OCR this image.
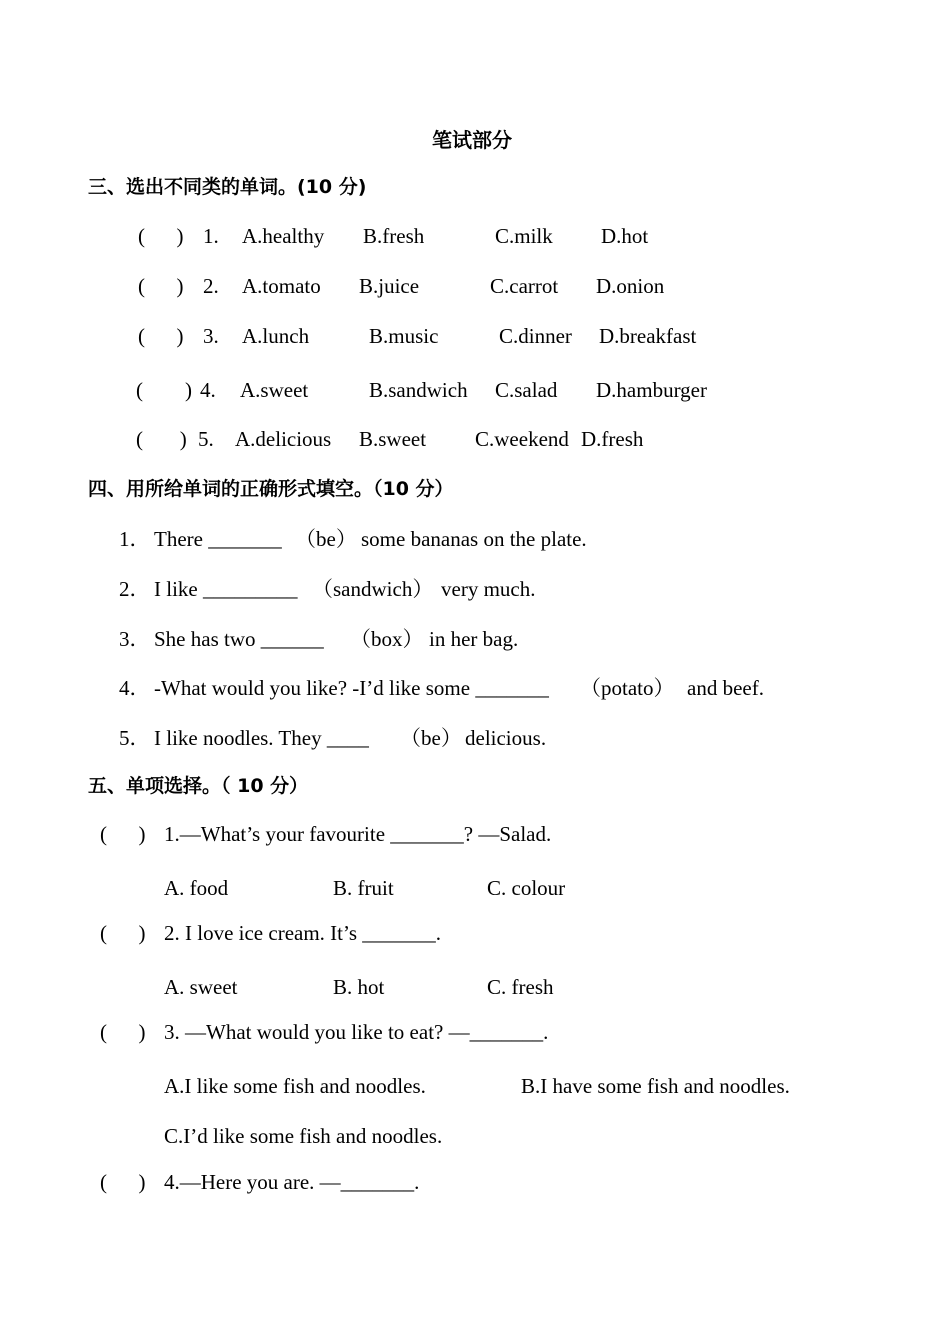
笔试部分
三、选出不同类的单词。(10 分)
(      ) 1. A.healthy B.fresh	C.milk D.hot
(      ) 2. A.tomato B.juice	C.carrot D.onion
(      ) 3. A.lunch	B.music	C.dinner D.breakfast
(        ) 4. A.sweet	B.sandwich C.salad D.hamburger
(       ) 5. A.delicious B.sweet C.weekend D.fresh
四、用所给单词的正确形式填空。（10 分）
1． There _______ （be） some bananas on the plate.
2． I like _________ （sandwich） very much.
3． She has two ______ （box） in her bag.
4． -What would you like? -I’d like some _______ （potato） and beef.
5． I like noodles. They ____ （be） delicious.
五、单项选择。（ 10 分）
(      ) 1.—What’s your favourite _______? —Salad.
A. food	B. fruit	C. colour
(      ) 2. I love ice cream. It’s _______.
A. sweet	B. hot	C. fresh
(      ) 3. —What would you like to eat? —_______.
A.I like some fish and noodles.	B.I have some fish and noodles.
C.I’d like some fish and noodles.
(      ) 4.—Here you are. —_______.
